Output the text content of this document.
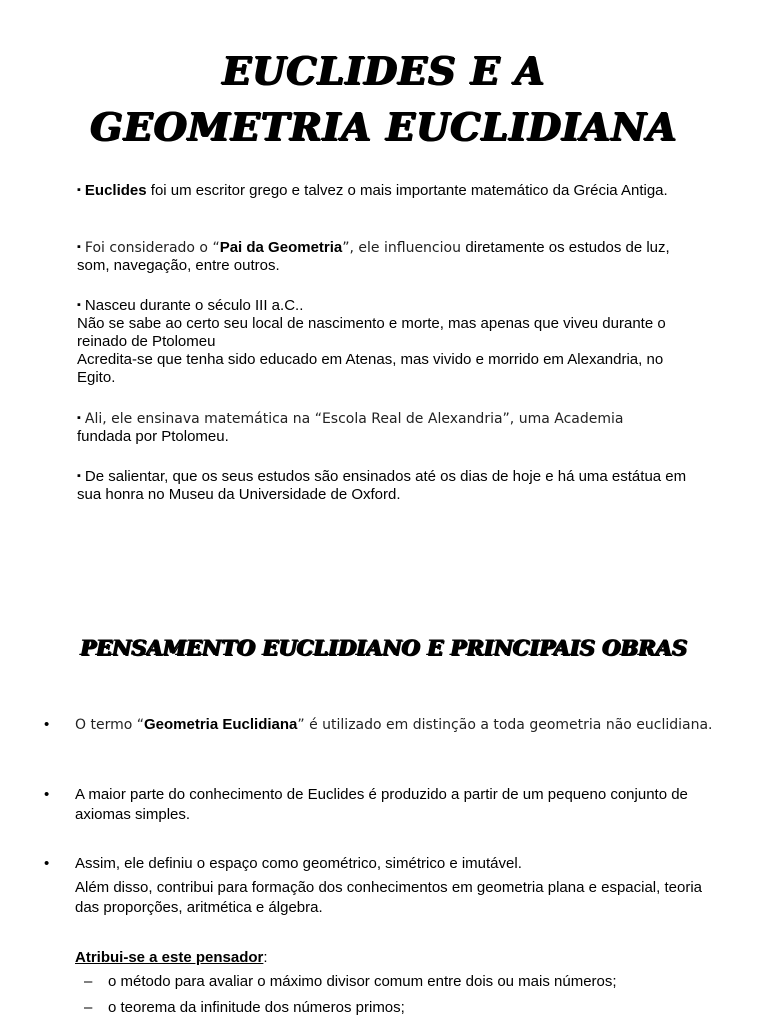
EUCLIDES E A
GEOMETRIA EUCLIDIANA
▪ Euclides foi um escritor grego e talvez o mais importante matemático da Grécia Antiga.
▪ Foi considerado o “Pai da Geometria”, ele influenciou diretamente os estudos de luz, som, navegação, entre outros.
▪ Nasceu durante o século III a.C..
Não se sabe ao certo seu local de nascimento e morte, mas apenas que viveu durante o reinado de Ptolomeu
Acredita-se que tenha sido educado em Atenas, mas vivido e morrido em Alexandria, no Egito.
▪ Ali, ele ensinava matemática na “Escola Real de Alexandria”, uma Academia
fundada por Ptolomeu.
▪ De salientar, que os seus estudos são ensinados até os dias de hoje e há uma estátua em sua honra no Museu da Universidade de Oxford.
PENSAMENTO EUCLIDIANO E PRINCIPAIS OBRAS
• O termo “Geometria Euclidiana” é utilizado em distinção a toda geometria não euclidiana.
• A maior parte do conhecimento de Euclides é produzido a partir de um pequeno conjunto de axiomas simples.
• Assim, ele definiu o espaço como geométrico, simétrico e imutável.
Além disso, contribui para formação dos conhecimentos em geometria plana e espacial, teoria das proporções, aritmética e álgebra.
Atribui-se a este pensador:
– o método para avaliar o máximo divisor comum entre dois ou mais números;
– o teorema da infinitude dos números primos;
